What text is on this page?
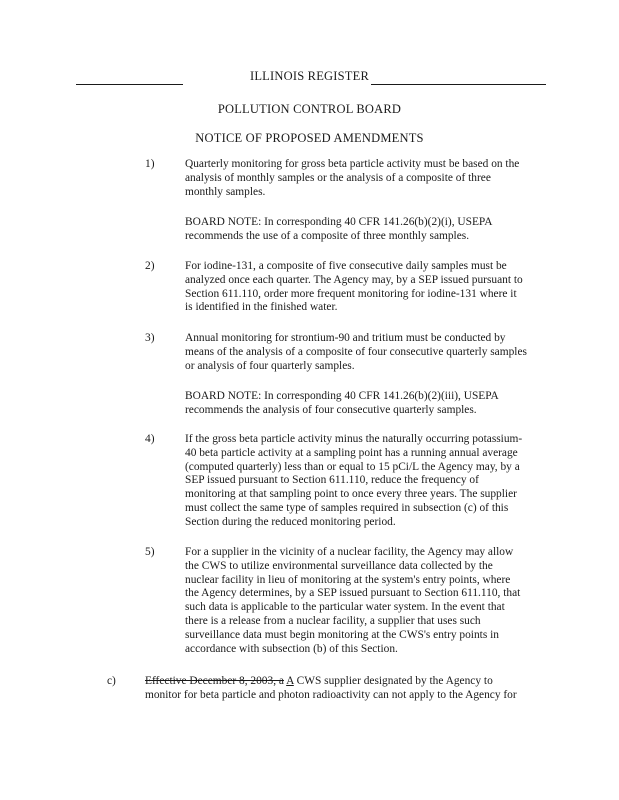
ILLINOIS REGISTER
POLLUTION CONTROL BOARD
NOTICE OF PROPOSED AMENDMENTS
1)	Quarterly monitoring for gross beta particle activity must be based on the
analysis of monthly samples or the analysis of a composite of three
monthly samples.
BOARD NOTE: In corresponding 40 CFR 141.26(b)(2)(i), USEPA
recommends the use of a composite of three monthly samples.
2)	For iodine-131, a composite of five consecutive daily samples must be
analyzed once each quarter. The Agency may, by a SEP issued pursuant to
Section 611.110, order more frequent monitoring for iodine-131 where it
is identified in the finished water.
3)	Annual monitoring for strontium-90 and tritium must be conducted by
means of the analysis of a composite of four consecutive quarterly samples
or analysis of four quarterly samples.
BOARD NOTE: In corresponding 40 CFR 141.26(b)(2)(iii), USEPA
recommends the analysis of four consecutive quarterly samples.
4)	If the gross beta particle activity minus the naturally occurring potassium-
40 beta particle activity at a sampling point has a running annual average
(computed quarterly) less than or equal to 15 pCi/L the Agency may, by a
SEP issued pursuant to Section 611.110, reduce the frequency of
monitoring at that sampling point to once every three years. The supplier
must collect the same type of samples required in subsection (c) of this
Section during the reduced monitoring period.
5)	For a supplier in the vicinity of a nuclear facility, the Agency may allow
the CWS to utilize environmental surveillance data collected by the
nuclear facility in lieu of monitoring at the system's entry points, where
the Agency determines, by a SEP issued pursuant to Section 611.110, that
such data is applicable to the particular water system. In the event that
there is a release from a nuclear facility, a supplier that uses such
surveillance data must begin monitoring at the CWS's entry points in
accordance with subsection (b) of this Section.
c)	Effective December 8, 2003, a A CWS supplier designated by the Agency to
monitor for beta particle and photon radioactivity can not apply to the Agency for
